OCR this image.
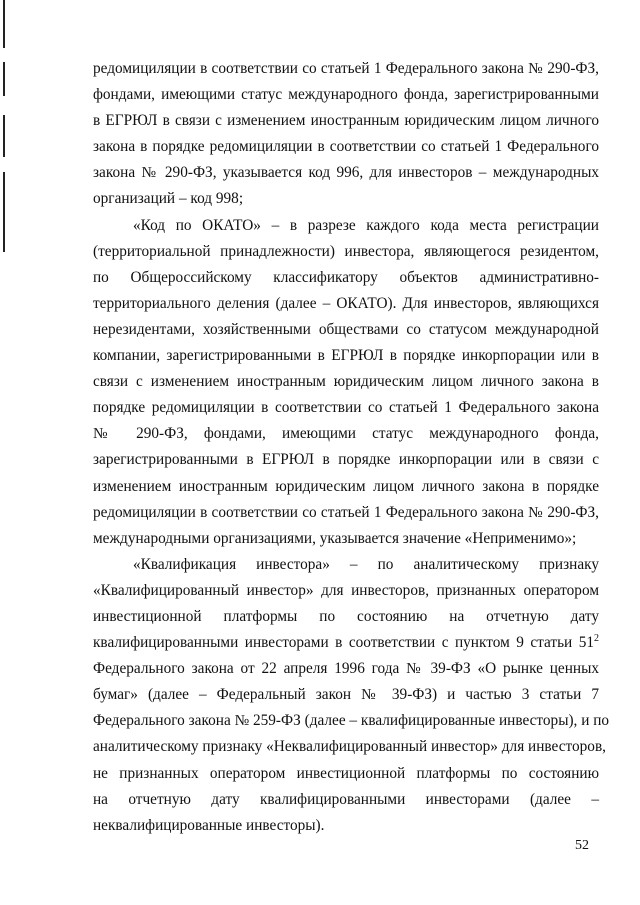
редомициляции в соответствии со статьей 1 Федерального закона № 290-ФЗ,
фондами, имеющими статус международного фонда, зарегистрированными
в ЕГРЮЛ в связи с изменением иностранным юридическим лицом личного
закона в порядке редомициляции в соответствии со статьей 1 Федерального
закона № 290-ФЗ, указывается код 996, для инвесторов – международных
организаций – код 998;
«Код по ОКАТО» – в разрезе каждого кода места регистрации
(территориальной принадлежности) инвестора, являющегося резидентом,
по Общероссийскому классификатору объектов административно-
территориального деления (далее – ОКАТО). Для инвесторов, являющихся
нерезидентами, хозяйственными обществами со статусом международной
компании, зарегистрированными в ЕГРЮЛ в порядке инкорпорации или в
связи с изменением иностранным юридическим лицом личного закона в
порядке редомициляции в соответствии со статьей 1 Федерального закона
№ 290-ФЗ, фондами, имеющими статус международного фонда,
зарегистрированными в ЕГРЮЛ в порядке инкорпорации или в связи с
изменением иностранным юридическим лицом личного закона в порядке
редомициляции в соответствии со статьей 1 Федерального закона № 290-ФЗ,
международными организациями, указывается значение «Неприменимо»;
«Квалификация инвестора» – по аналитическому признаку
«Квалифицированный инвестор» для инвесторов, признанных оператором
инвестиционной платформы по состоянию на отчетную дату
квалифицированными инвесторами в соответствии с пунктом 9 статьи $51^2$
Федерального закона от 22 апреля 1996 года № 39-ФЗ «О рынке ценных
бумаг» (далее – Федеральный закон № 39-ФЗ) и частью 3 статьи 7
Федерального закона № 259-ФЗ (далее – квалифицированные инвесторы), и по
аналитическому признаку «Неквалифицированный инвестор» для инвесторов,
не признанных оператором инвестиционной платформы по состоянию
на отчетную дату квалифицированными инвесторами (далее –
неквалифицированные инвесторы).
52
